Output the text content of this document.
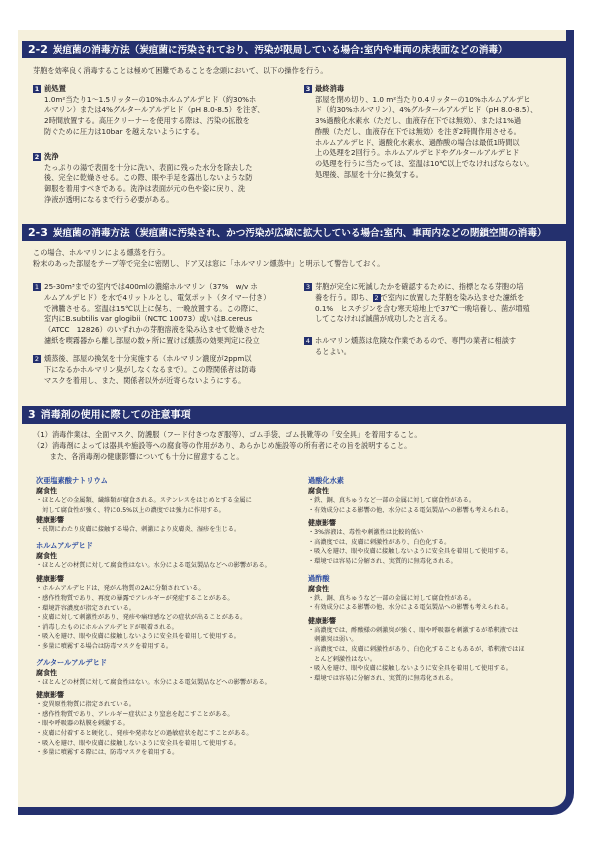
2-2 炭疽菌の消毒方法（炭疽菌に汚染されており、汚染が限局している場合:室内や車両の床表面などの消毒）
芽胞を効率良く消毒することは極めて困難であることを念頭において、以下の操作を行う。

1 前処置

1.0m²当たり1～1.5リッターの10%ホルムアルデヒド（約30%ホ

ルマリン）または4%グルタールアルデヒド（pH 8.0-8.5）を注ぎ、

2時間放置する。高圧クリーナーを使用する際は、汚染の拡散を

防ぐために圧力は10bar を越えないようにする。

2 洗浄

たっぷりの湯で表面を十分に洗い、表面に残った水分を除去した

後、完全に乾燥させる。この際、眼や手足を露出しないような防

御服を着用すべきである。洗浄は表面が元の色や姿に戻り、洗

浄液が透明になるまで行う必要がある。

3 最終消毒

部屋を閉め切り、1.0 m²当たり0.4リッターの10%ホルムアルデヒ

ド（約30%ホルマリン）、4%グルタールアルデヒド（pH 8.0-8.5）、

3%過酸化水素水（ただし、血液存在下では無効）、または1%過

酢酸（ただし、血液存在下では無効）を注ぎ2時間作用させる。

ホルムアルデヒド、過酸化水素水、過酢酸の場合は最低1時間以

上の処理を2回行う。ホルムアルデヒドやグルタールアルデヒド

の処理を行うに当たっては、室温は10℃以上でなければならない。

処理後、部屋を十分に換気する。

2-3 炭疽菌の消毒方法（炭疽菌に汚染され、かつ汚染が広域に拡大している場合:室内、車両内などの閉鎖空間の消毒）

この場合、ホルマリンによる燻蒸を行う。

粉末のあった部屋をテープ等で完全に密閉し、ドア又は窓に「ホルマリン燻蒸中」と明示して警告しておく。

1 25-30m³までの室内では400mlの濃縮ホルマリン（37%　w/v ホ

ルムアルデヒド）を水で4リットルとし、電気ポット（タイマー付き）

で沸騰させる。室温は15℃以上に保ち、一晩放置する。この際に、

室内にB.subtilis var glogibii（NCTC 10073）或いはB.cereus

（ATCC　12826）のいずれかの芽胞溶液を染み込ませて乾燥させた

濾紙を喫霧器から離し部屋の数ヶ所に置けば燻蒸の効果判定に役立

2 燻蒸後、部屋の換気を十分実施する（ホルマリン濃度が2ppm以

下になるかホルマリン臭がしなくなるまで）。この際関係者は防毒

マスクを着用し、また、関係者以外が近寄らないようにする。

3 芽胞が完全に死滅したかを確認するために、指標となる芽胞の培

養を行う。即ち、 2 で室内に放置した芽胞を染み込ませた濾紙を

0.1%　ヒスチジンを含む寒天培地上で37℃一晩培養し、菌が増殖

してこなければ滅菌が成功したと言える。

4 ホルマリン燻蒸は危険な作業であるので、専門の業者に相談す

るとよい。

3 消毒剤の使用に際しての注意事項
（1）消毒作業は、全面マスク、防護服（フード付きつなぎ服等）、ゴム手袋、ゴム長靴等の「安全具」を着用すること。
（2）消毒剤によっては器具や施設等への腐食等の作用があり、あらかじめ施設等の所有者にその旨を説明すること。
　　 また、各消毒剤の健康影響についても十分に留意すること。
次亜塩素酸ナトリウム
腐食性
・ほとんどの金属類、繊維類が腐食される。ステンレスをはじめとする金属に
　対して腐食性が強く、特に0.5%以上の濃度では強力に作用する。
健康影響
・長期にわたり皮膚に接触する場合、刺激により皮膚炎、湿疹を生じる。
ホルムアルデヒド
腐食性
・ほとんどの材質に対して腐食性はない。水分による電気製品などへの影響がある。
健康影響
・ホルムアルデヒドは、発がん物質の2Aに分類されている。
・感作性物質であり、再度の暴露でアレルギーが発症することがある。
・環境許容濃度が指定されている。
・皮膚に対して刺激性があり、発疹や痛痒感などの症状が出ることがある。
・消毒したものにホルムアルデヒドが吸着される。
・吸入を避け、眼や皮膚に接触しないように安全具を着用して使用する。
・多量に噴霧する場合は防毒マスクを着用する。
グルタールアルデヒド
腐食性
・ほとんどの材質に対して腐食性はない。水分による電気製品などへの影響がある。
健康影響
・変異原性物質に指定されている。
・感作性物質であり、アレルギー症状により窒息を起こすことがある。
・眼や呼吸器の粘膜を刺激する。
・皮膚に付着すると硬化し、発疹や発赤などの過敏症状を起こすことがある。
・吸入を避け、眼や皮膚に接触しないように安全具を着用して使用する。
・多量に噴霧する際には、防毒マスクを着用する。
過酸化水素
腐食性
・鉄、銅、真ちゅうなど一部の金属に対して腐食性がある。
・有効成分による影響の他、水分による電気製品への影響も考えられる。
健康影響
・3%溶液は、毒性や刺激性は比較的低い
・高濃度では、皮膚に刺激性があり、白色化する。
・吸入を避け、眼や皮膚に接触しないように安全具を着用して使用する。
・環境では容易に分解され、実質的に無毒化される。
過酢酸
腐食性
・鉄、銅、真ちゅうなど一部の金属に対して腐食性がある。
・有効成分による影響の他、水分による電気製品への影響も考えられる。
健康影響
・高濃度では、酢酸様の刺激臭が強く、眼や呼吸器を刺激するが希釈液では
　刺激臭は弱い。
・高濃度では、皮膚に刺激性があり、白色化することもあるが、希釈液ではほ
　とんど刺激性はない。
・吸入を避け、眼や皮膚に接触しないように安全具を着用して使用する。
・環境では容易に分解され、実質的に無毒化される。
